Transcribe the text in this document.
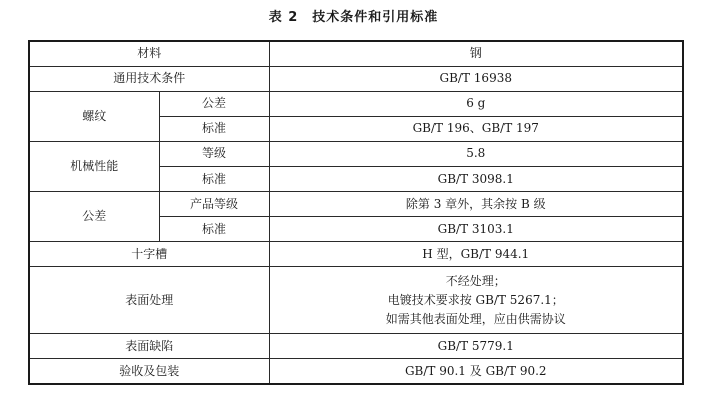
表 2 技术条件和引用标准
材料		钢
通用技术条件		GB/T 16938
螺纹	公差	6 g
	标准	GB/T 196、GB/T 197
机械性能	等级	5.8
	标准	GB/T 3098.1
公差	产品等级	除第 3 章外，其余按 B 级
	标准	GB/T 3103.1
十字槽		H 型，GB/T 944.1
表面处理		不经处理；
电镀技术要求按 GB/T 5267.1；
如需其他表面处理，应由供需协议

表面缺陷		GB/T 5779.1
验收及包装		GB/T 90.1 及 GB/T 90.2
